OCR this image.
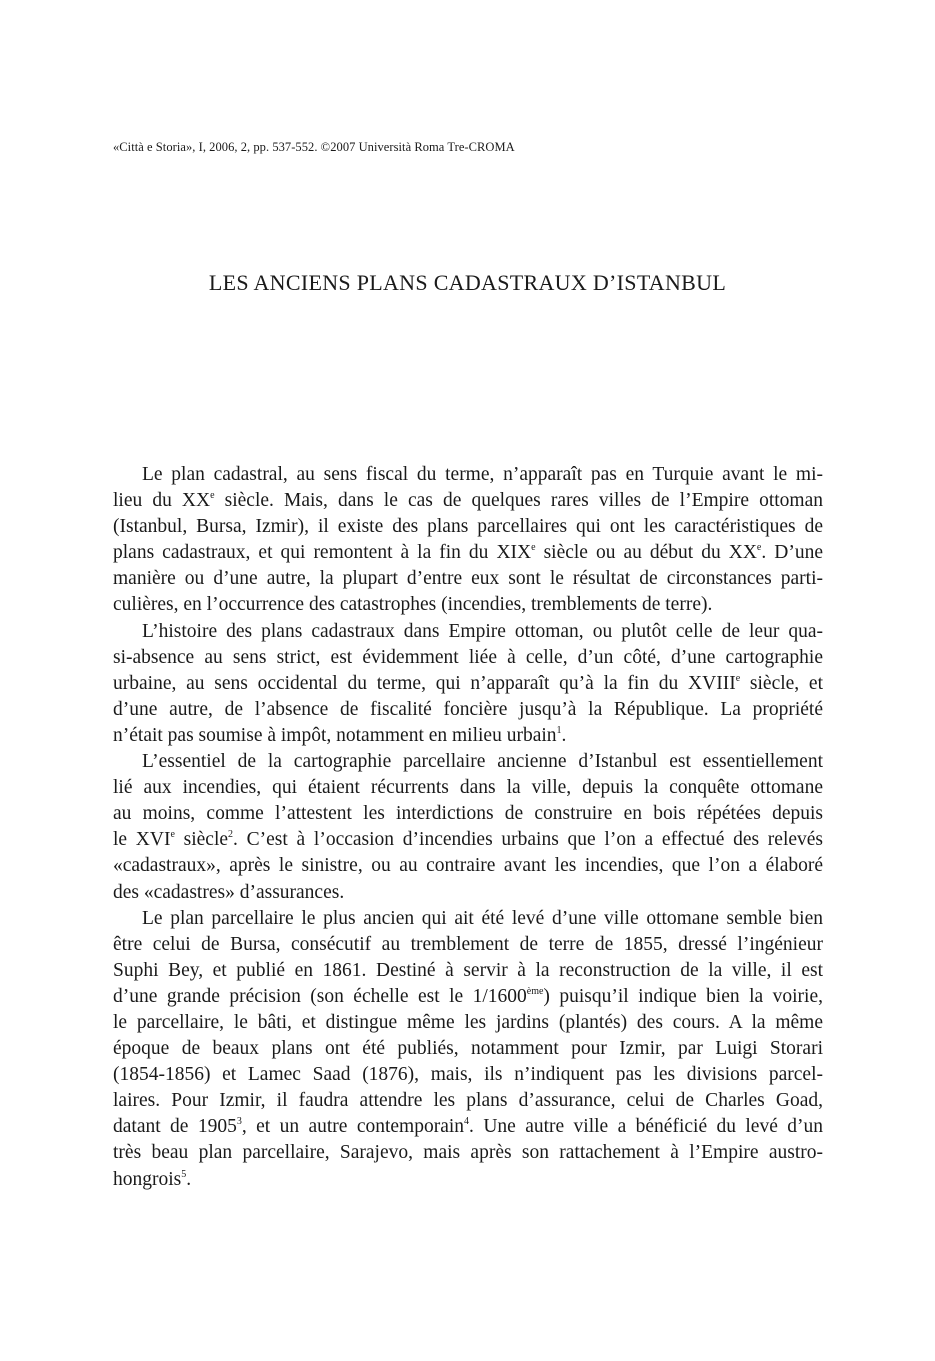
«Città e Storia», I, 2006, 2, pp. 537-552. ©2007 Università Roma Tre-CROMA
LES ANCIENS PLANS CADASTRAUX D’ISTANBUL
Le plan cadastral, au sens fiscal du terme, n’apparaît pas en Turquie avant le mi-
lieu du XXe siècle. Mais, dans le cas de quelques rares villes de l’Empire ottoman
(Istanbul, Bursa, Izmir), il existe des plans parcellaires qui ont les caractéristiques de
plans cadastraux, et qui remontent à la fin du XIXe siècle ou au début du XXe. D’une
manière ou d’une autre, la plupart d’entre eux sont le résultat de circonstances parti-
culières, en l’occurrence des catastrophes (incendies, tremblements de terre).
L’histoire des plans cadastraux dans Empire ottoman, ou plutôt celle de leur qua-
si-absence au sens strict, est évidemment liée à celle, d’un côté, d’une cartographie
urbaine, au sens occidental du terme, qui n’apparaît qu’à la fin du XVIIIe siècle, et
d’une autre, de l’absence de fiscalité foncière jusqu’à la République. La propriété
n’était pas soumise à impôt, notamment en milieu urbain$^1$.
L’essentiel de la cartographie parcellaire ancienne d’Istanbul est essentiellement
lié aux incendies, qui étaient récurrents dans la ville, depuis la conquête ottomane
au moins, comme l’attestent les interdictions de construire en bois répétées depuis
le XVIe siècle$^2$. C’est à l’occasion d’incendies urbains que l’on a effectué des relevés
«cadastraux», après le sinistre, ou au contraire avant les incendies, que l’on a élaboré
des «cadastres» d’assurances.
Le plan parcellaire le plus ancien qui ait été levé d’une ville ottomane semble bien
être celui de Bursa, consécutif au tremblement de terre de 1855, dressé l’ingénieur
Suphi Bey, et publié en 1861. Destiné à servir à la reconstruction de la ville, il est
d’une grande précision (son échelle est le 1/1600ème) puisqu’il indique bien la voirie,
le parcellaire, le bâti, et distingue même les jardins (plantés) des cours. A la même
époque de beaux plans ont été publiés, notamment pour Izmir, par Luigi Storari
(1854-1856) et Lamec Saad (1876), mais, ils n’indiquent pas les divisions parcel-
laires. Pour Izmir, il faudra attendre les plans d’assurance, celui de Charles Goad,
datant de 1905$^3$, et un autre contemporain$^4$. Une autre ville a bénéficié du levé d’un
très beau plan parcellaire, Sarajevo, mais après son rattachement à l’Empire austro-
hongrois$^5$.
